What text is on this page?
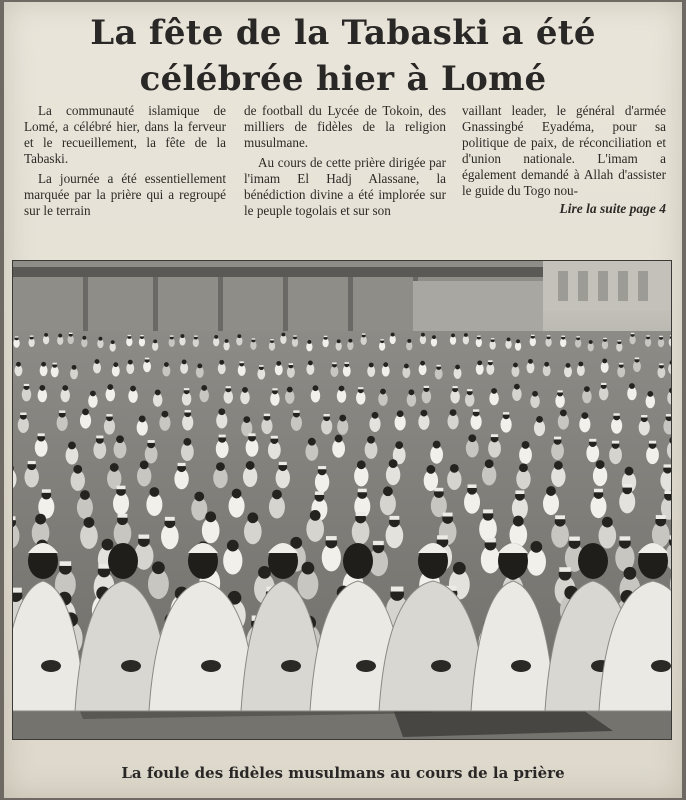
La fête de la Tabaski a été
célébrée hier à Lomé

La communauté islamique de Lomé, a célébré hier, dans la ferveur et le recueillement, la fête de la Tabaski.

La journée a été essentiellement marquée par la prière qui a regroupé sur le terrain

de football du Lycée de Tokoin, des milliers de fidèles de la religion musulmane.

Au cours de cette prière dirigée par l'imam El Hadj Alassane, la bénédiction divine a été implorée sur le peuple togolais et sur son

vaillant leader, le général d'armée Gnassingbé Eyadéma, pour sa politique de paix, de réconciliation et d'union nationale. L'imam a également demandé à Allah d'assister le guide du Togo nou-

Lire la suite page 4
La foule des fidèles musulmans au cours de la prière
